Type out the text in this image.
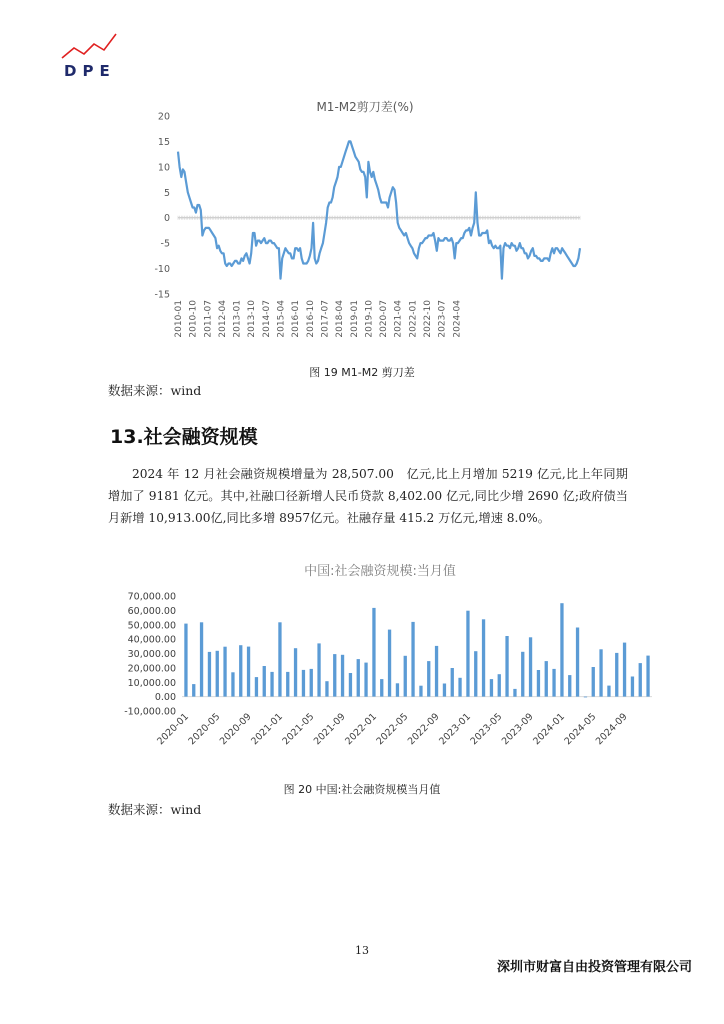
DPE
M1-M2剪刀差(%)
20
15
10
5
0
-5
-10
-15
2010-01 2010-10 2011-07 2012-04 2013-01 2013-10 2014-07 2015-04 2016-01 2016-10 2017-07 2018-04 2019-01 2019-10 2020-07 2021-04 2022-01 2022-10 2023-07 2024-04
图 19 M1-M2 剪刀差
数据来源：wind
13.社会融资规模
2024 年 12 月社会融资规模增量为 28,507.00　亿元,比上月增加 5219 亿元,比上年同期增加了 9181 亿元。其中,社融口径新增人民币贷款 8,402.00 亿元,同比少增 2690 亿;政府债当月新增 10,913.00亿,同比多增 8957亿元。社融存量 415.2 万亿元,增速 8.0%。
中国:社会融资规模:当月值
70,000.00
60,000.00
50,000.00
40,000.00
30,000.00
20,000.00
10,000.00
0.00
-10,000.00
2020-01
2020-05
2020-09
2021-01
2021-05
2021-09
2022-01
2022-05
2022-09
2023-01
2023-05
2023-09
2024-01
2024-05
2024-09
图 20 中国:社会融资规模当月值
数据来源：wind
13
深圳市财富自由投资管理有限公司
